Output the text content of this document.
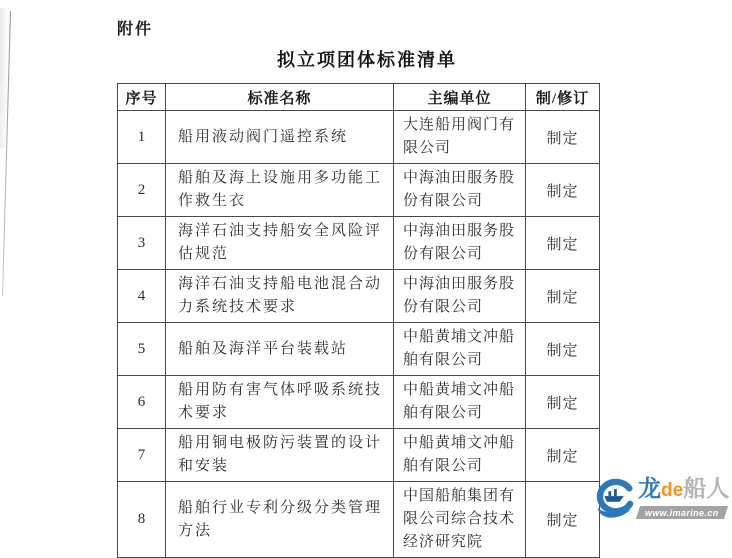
附件
拟立项团体标准清单
序号	标准名称	主编单位	制/修订
1	船用液动阀门遥控系统	大连船用阀门有限公司	制定
2	船舶及海上设施用多功能工作救生衣	中海油田服务股份有限公司	制定
3	海洋石油支持船安全风险评估规范	中海油田服务股份有限公司	制定
4	海洋石油支持船电池混合动力系统技术要求	中海油田服务股份有限公司	制定
5	船舶及海洋平台装载站	中船黄埔文冲船舶有限公司	制定
6	船用防有害气体呼吸系统技术要求	中船黄埔文冲船舶有限公司	制定
7	船用铜电极防污装置的设计和安装	中船黄埔文冲船舶有限公司	制定
8	船舶行业专利分级分类管理方法	中国船舶集团有限公司综合技术经济研究院	制定
龙de船人
www.imarine.cn
